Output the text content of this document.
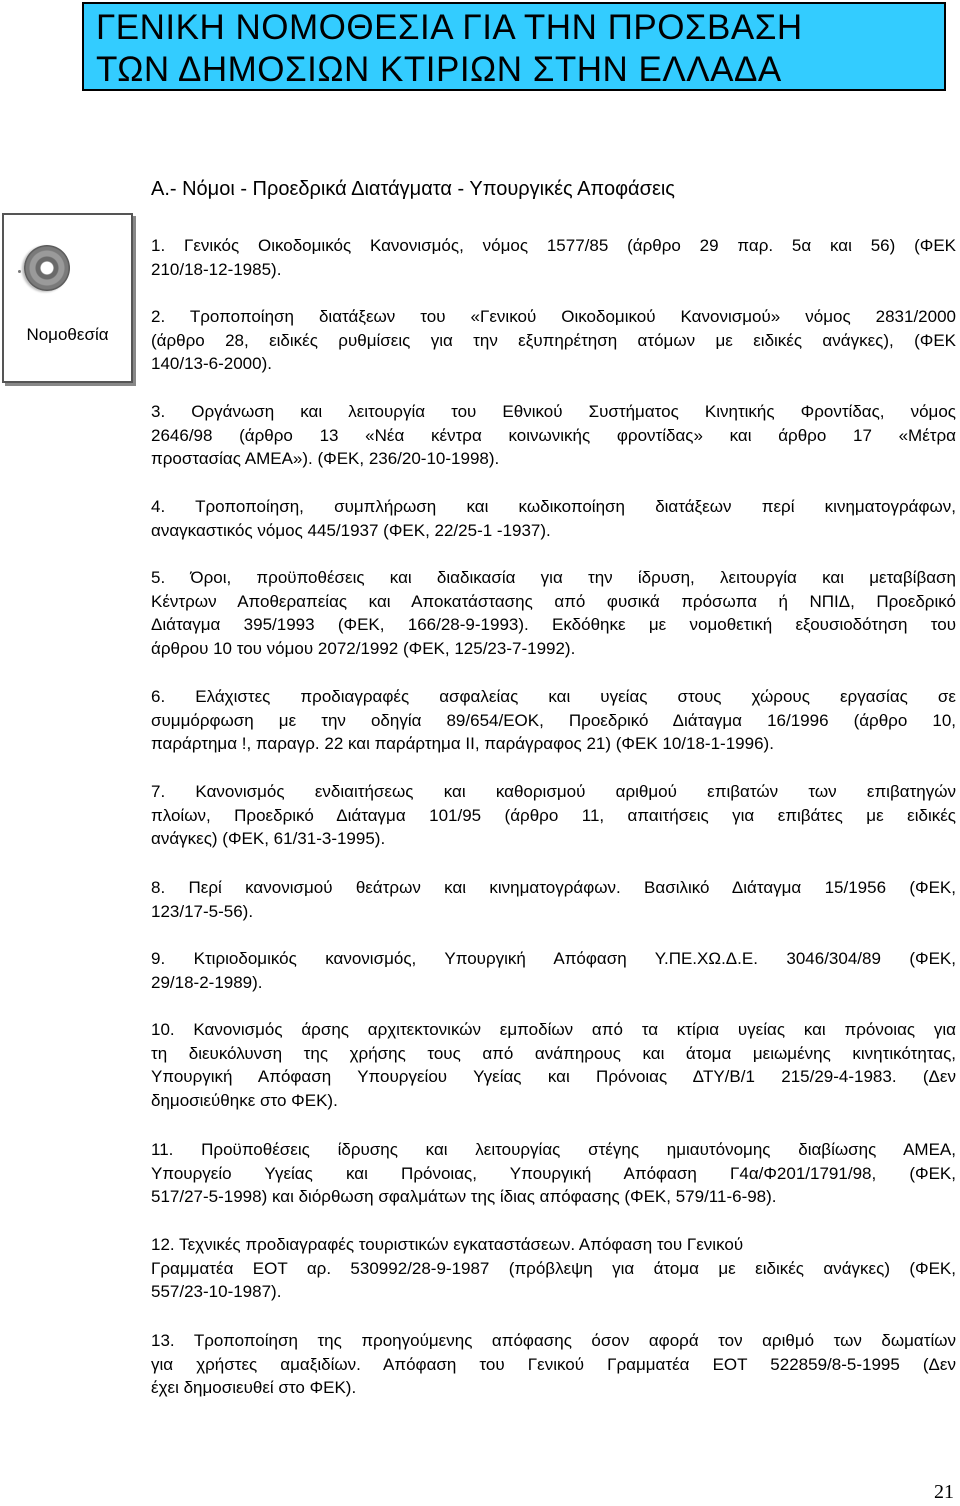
ΓΕΝΙΚΗ ΝΟΜΟΘΕΣΙΑ ΓΙΑ ΤΗΝ ΠΡΟΣΒΑΣΗ
ΤΩΝ ΔΗΜΟΣΙΩΝ ΚΤΙΡΙΩΝ ΣΤΗΝ ΕΛΛΑΔΑ
Α.- Νόμοι - Προεδρικά Διατάγματα - Υπουργικές Αποφάσεις
Νομοθεσία
1. Γενικός Οικοδομικός Κανονισμός, νόμος 1577/85 (άρθρο 29 παρ. 5α και 56) (ΦΕΚ
210/18-12-1985).
2. Τροποποίηση διατάξεων του «Γενικού Οικοδομικού Κανονισμού» νόμος 2831/2000
(άρθρο 28, ειδικές ρυθμίσεις για την εξυπηρέτηση ατόμων με ειδικές ανάγκες), (ΦΕΚ
140/13-6-2000).
3. Οργάνωση και λειτουργία του Εθνικού Συστήματος Κινητικής Φροντίδας, νόμος
2646/98 (άρθρο 13 «Νέα κέντρα κοινωνικής φροντίδας» και άρθρο 17 «Μέτρα
προστασίας ΑΜΕΑ»). (ΦΕΚ, 236/20-10-1998).
4. Τροποποίηση, συμπλήρωση και κωδικοποίηση διατάξεων περί κινηματογράφων,
αναγκαστικός νόμος 445/1937 (ΦΕΚ, 22/25-1 -1937).
5. Όροι, προϋποθέσεις και διαδικασία για την ίδρυση, λειτουργία και μεταβίβαση
Κέντρων Αποθεραπείας και Αποκατάστασης από φυσικά πρόσωπα ή ΝΠΙΔ, Προεδρικό
Διάταγμα 395/1993 (ΦΕΚ, 166/28-9-1993). Εκδόθηκε με νομοθετική εξουσιοδότηση του
άρθρου 10 του νόμου 2072/1992 (ΦΕΚ, 125/23-7-1992).
6. Ελάχιστες προδιαγραφές ασφαλείας και υγείας στους χώρους εργασίας σε
συμμόρφωση με την οδηγία 89/654/ΕΟΚ, Προεδρικό Διάταγμα 16/1996 (άρθρο 10,
παράρτημα !, παραγρ. 22 και παράρτημα ΙΙ, παράγραφος 21) (ΦΕΚ 10/18-1-1996).
7. Κανονισμός ενδιαιτήσεως και καθορισμού αριθμού επιβατών των επιβατηγών
πλοίων, Προεδρικό Διάταγμα 101/95 (άρθρο 11, απαιτήσεις για επιβάτες με ειδικές
ανάγκες) (ΦΕΚ, 61/31-3-1995).
8. Περί κανονισμού θεάτρων και κινηματογράφων. Βασιλικό Διάταγμα 15/1956 (ΦΕΚ,
123/17-5-56).
9. Κτιριοδομικός κανονισμός, Υπουργική Απόφαση Υ.ΠΕ.ΧΩ.Δ.Ε. 3046/304/89 (ΦΕΚ,
29/18-2-1989).
10. Κανονισμός άρσης αρχιτεκτονικών εμποδίων από τα κτίρια υγείας και πρόνοιας για
τη διευκόλυνση της χρήσης τους από ανάπηρους και άτομα μειωμένης κινητικότητας,
Υπουργική Απόφαση Υπουργείου Υγείας και Πρόνοιας ΔΤΥ/Β/1 215/29-4-1983. (Δεν
δημοσιεύθηκε στο ΦΕΚ).
11. Προϋποθέσεις ίδρυσης και λειτουργίας στέγης ημιαυτόνομης διαβίωσης ΑΜΕΑ,
Υπουργείο Υγείας και Πρόνοιας, Υπουργική Απόφαση Γ4α/Φ201/1791/98, (ΦΕΚ,
517/27-5-1998) και διόρθωση σφαλμάτων της ίδιας απόφασης (ΦΕΚ, 579/11-6-98).
12. Τεχνικές προδιαγραφές τουριστικών εγκαταστάσεων. Απόφαση του Γενικού
Γραμματέα ΕΟΤ αρ. 530992/28-9-1987 (πρόβλεψη για άτομα με ειδικές ανάγκες) (ΦΕΚ,
557/23-10-1987).
13. Τροποποίηση της προηγούμενης απόφασης όσον αφορά τον αριθμό των δωματίων
για χρήστες αμαξιδίων. Απόφαση του Γενικού Γραμματέα ΕΟΤ 522859/8-5-1995 (Δεν
έχει δημοσιευθεί στο ΦΕΚ).
21
